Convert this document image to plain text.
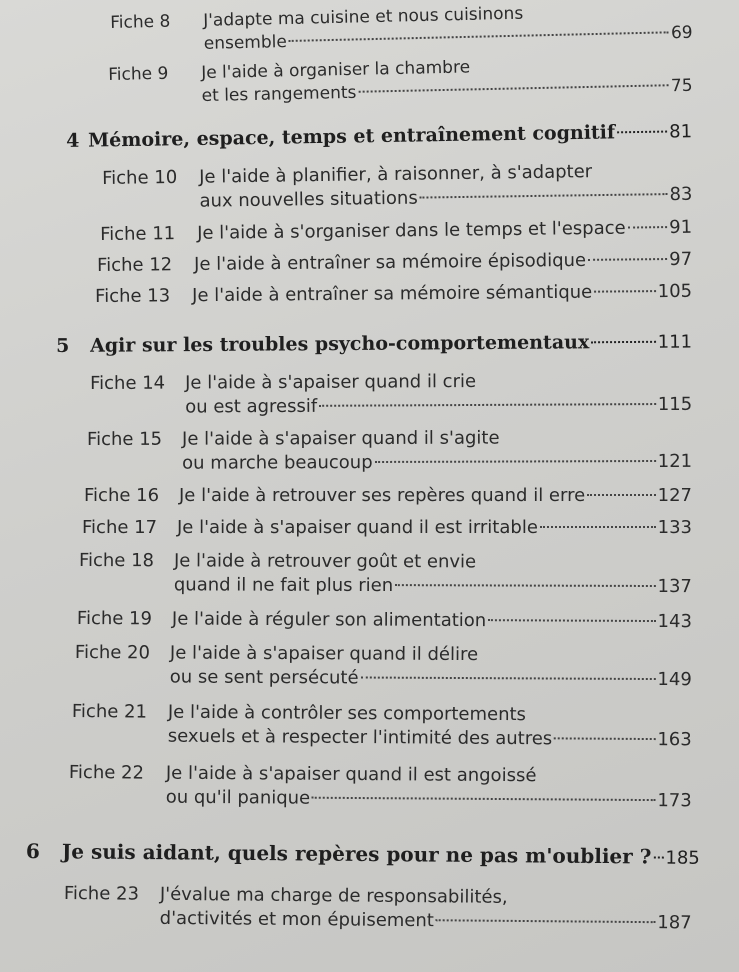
Fiche 8	J'adapte ma cuisine et nous cuisinons
ensemble	69
Fiche 9	Je l'aide à organiser la chambre
et les rangements	75
4 Mémoire, espace, temps et entraînement cognitif	81
Fiche 10	Je l'aide à planifier, à raisonner, à s'adapter
aux nouvelles situations	83
Fiche 11	Je l'aide à s'organiser dans le temps et l'espace 91
Fiche 12	Je l'aide à entraîner sa mémoire épisodique	97
Fiche 13	Je l'aide à entraîner sa mémoire sémantique	105
5	Agir sur les troubles psycho-comportementaux	111
Fiche 14	Je l'aide à s'apaiser quand il crie
ou est agressif	115
Fiche 15	Je l'aide à s'apaiser quand il s'agite
ou marche beaucoup	121
Fiche 16	Je l'aide à retrouver ses repères quand il erre	127
Fiche 17	Je l'aide à s'apaiser quand il est irritable	133
Fiche 18	Je l'aide à retrouver goût et envie
quand il ne fait plus rien	137
Fiche 19	Je l'aide à réguler son alimentation	143
Fiche 20	Je l'aide à s'apaiser quand il délire
ou se sent persécuté	149
Fiche 21	Je l'aide à contrôler ses comportements
sexuels et à respecter l'intimité des autres	163
Fiche 22	Je l'aide à s'apaiser quand il est angoissé
ou qu'il panique	173
6	Je suis aidant, quels repères pour ne pas m'oublier ? 185
Fiche 23	J'évalue ma charge de responsabilités,
d'activités et mon épuisement	187
